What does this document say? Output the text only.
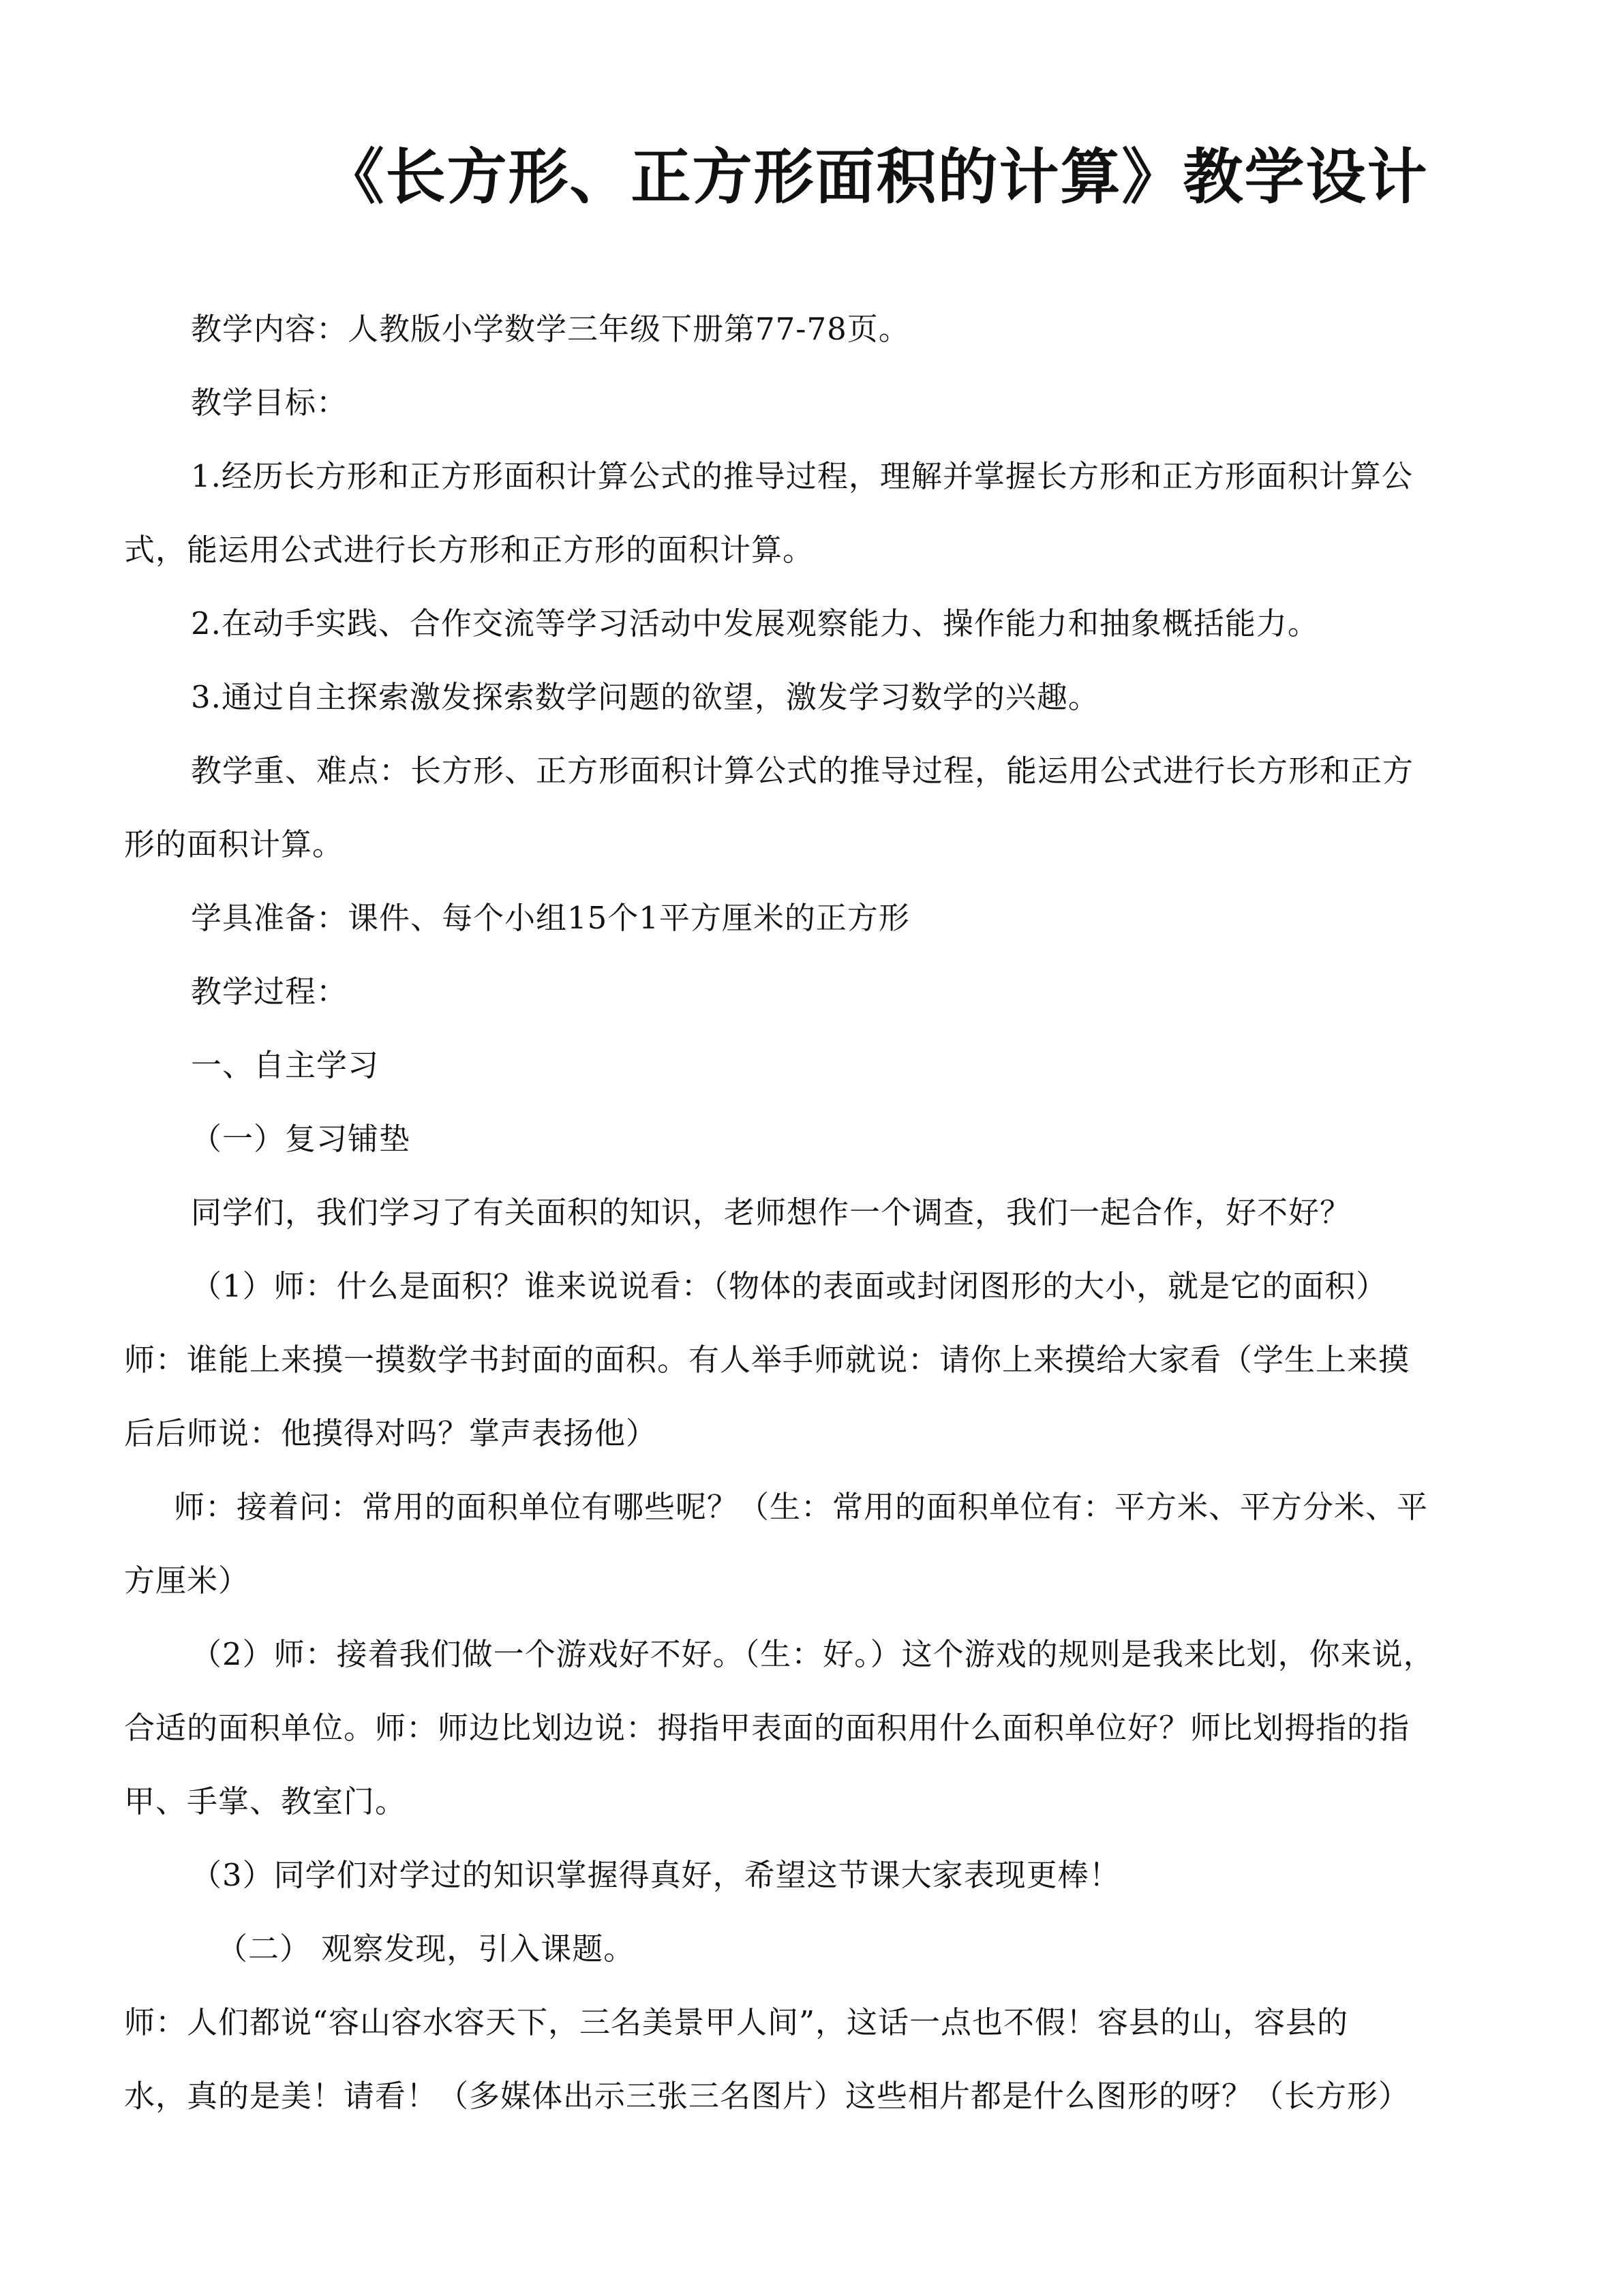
《长方形、正方形面积的计算》教学设计
教学内容：人教版小学数学三年级下册第77-78页。
教学目标：
1.经历长方形和正方形面积计算公式的推导过程，理解并掌握长方形和正方形面积计算公
式，能运用公式进行长方形和正方形的面积计算。
2.在动手实践、合作交流等学习活动中发展观察能力、操作能力和抽象概括能力。
3.通过自主探索激发探索数学问题的欲望，激发学习数学的兴趣。
教学重、难点：长方形、正方形面积计算公式的推导过程，能运用公式进行长方形和正方
形的面积计算。
学具准备：课件、每个小组15个1平方厘米的正方形
教学过程：
一、自主学习
（一）复习铺垫
同学们，我们学习了有关面积的知识，老师想作一个调查，我们一起合作，好不好？
（1）师：什么是面积？谁来说说看：（物体的表面或封闭图形的大小，就是它的面积）
师：谁能上来摸一摸数学书封面的面积。有人举手师就说：请你上来摸给大家看（学生上来摸
后后师说：他摸得对吗？掌声表扬他）
师：接着问：常用的面积单位有哪些呢？（生：常用的面积单位有：平方米、平方分米、平
方厘米）
（2）师：接着我们做一个游戏好不好。（生：好。）这个游戏的规则是我来比划，你来说，
合适的面积单位。师：师边比划边说：拇指甲表面的面积用什么面积单位好？师比划拇指的指
甲、手掌、教室门。
（3）同学们对学过的知识掌握得真好，希望这节课大家表现更棒！
（二） 观察发现，引入课题。
师：人们都说“容山容水容天下，三名美景甲人间”，这话一点也不假！容县的山，容县的
水，真的是美！请看！（多媒体出示三张三名图片）这些相片都是什么图形的呀？（长方形）
